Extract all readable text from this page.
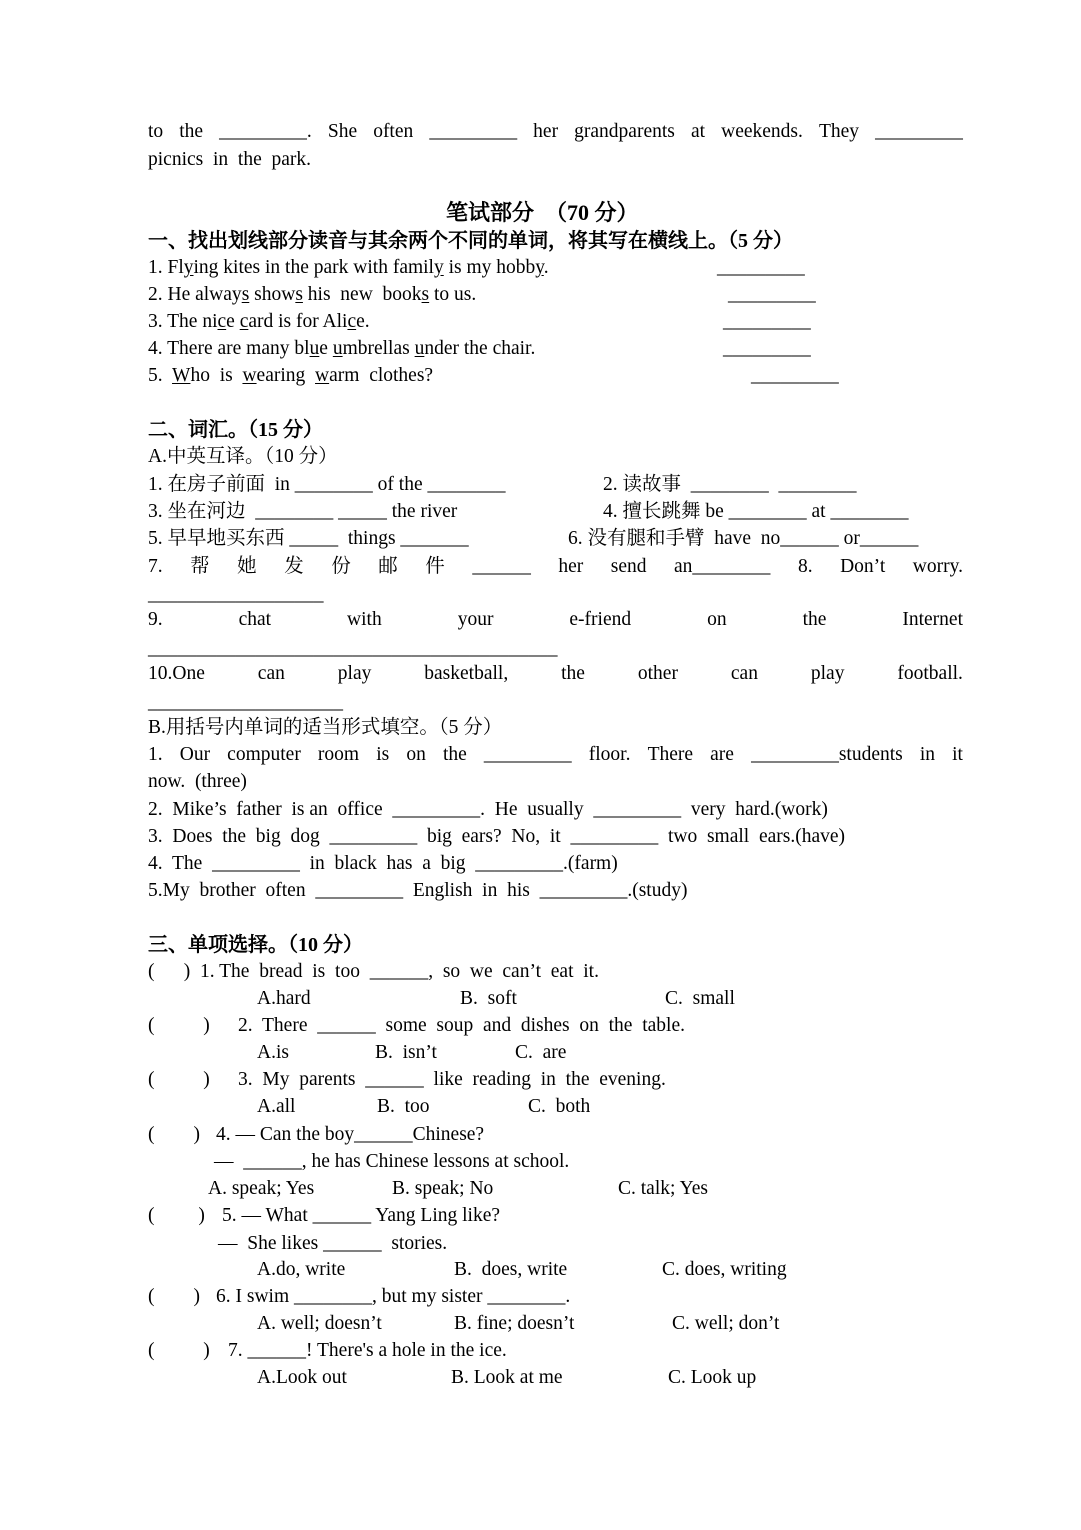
to the _________. She often _________ her grandparents at weekends. They _________
picnics  in  the  park.
笔试部分  （70 分）
一、找出划线部分读音与其余两个不同的单词，将其写在横线上。（5 分）
1. Flying kites in the park with family is my hobby.	_________
2. He always shows his  new  books to us.	_________
3. The nice card is for Alice.	_________
4. There are many blue umbrellas under the chair.	_________
5.  Who  is  wearing  warm  clothes?	_________
二、词汇。（15 分）
A.中英互译。（10 分）
1. 在房子前面  in ________ of the ________	2. 读故事  ________  ________
3. 坐在河边  ________ _____ the river	4. 擅长跳舞 be ________ at ________
5. 早早地买东西 _____  things _______	6. 没有腿和手臂  have  no______ or______
7. 帮 她 发 份 邮 件 ______ her send an________ 8. Don’t worry.
__________________
9.	chat	with	your	e-friend	on	the	Internet
__________________________________________
10.One	can	play	basketball,	the	other	can	play	football.
____________________
B.用括号内单词的适当形式填空。（5 分）
1. Our computer room is on the _________ floor. There are _________students in it
now.  (three)
2.  Mike’s  father  is an  office  _________.  He  usually  _________  very  hard.(work)
3.  Does  the  big  dog  _________  big  ears?  No,  it  _________  two  small  ears.(have)
4.  The  _________  in  black  has  a  big  _________.(farm)
5.My  brother  often  _________  English  in  his  _________.(study)
三、单项选择。（10 分）
(      ) 1. The  bread  is  too  ______,  so  we  can’t  eat  it.
A.hard	B.  soft	C.  small
(          ) 2.  There  ______  some  soup  and  dishes  on  the  table.
A.is	B.  isn’t	C.  are
(          ) 3.  My  parents  ______  like  reading  in  the  evening.
A.all	B.  too	C.  both
(        ) 4. — Can the boy______Chinese?
—  ______, he has Chinese lessons at school.
A. speak; Yes	B. speak; No	C. talk; Yes
(         ) 5. — What ______ Yang Ling like?
—  She likes ______  stories.
A.do, write	B.  does, write	C. does, writing
(        ) 6. I swim ________, but my sister ________.
A. well; doesn’t	B. fine; doesn’t	C. well; don’t
(          ) 7. ______! There's a hole in the ice.
A.Look out	B. Look at me	C. Look up
